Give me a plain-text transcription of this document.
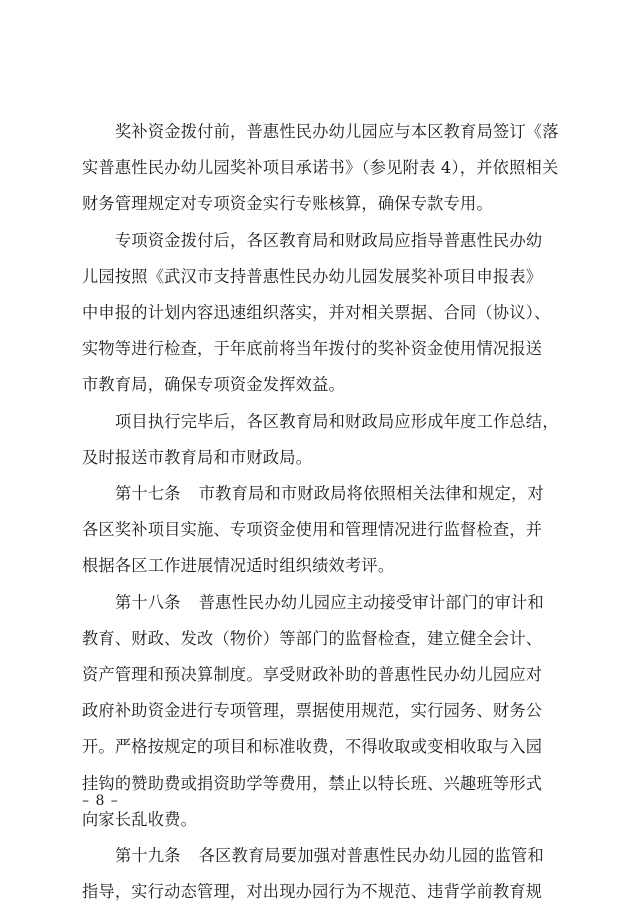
奖补资金拨付前，普惠性民办幼儿园应与本区教育局签订《落
实普惠性民办幼儿园奖补项目承诺书》（参见附表 4），并依照相关
财务管理规定对专项资金实行专账核算，确保专款专用。

专项资金拨付后，各区教育局和财政局应指导普惠性民办幼
儿园按照《武汉市支持普惠性民办幼儿园发展奖补项目申报表》
中申报的计划内容迅速组织落实，并对相关票据、合同（协议）、
实物等进行检查，于年底前将当年拨付的奖补资金使用情况报送
市教育局，确保专项资金发挥效益。

项目执行完毕后，各区教育局和财政局应形成年度工作总结，
及时报送市教育局和市财政局。

第十七条 市教育局和市财政局将依照相关法律和规定，对
各区奖补项目实施、专项资金使用和管理情况进行监督检查，并
根据各区工作进展情况适时组织绩效考评。

第十八条 普惠性民办幼儿园应主动接受审计部门的审计和
教育、财政、发改（物价）等部门的监督检查，建立健全会计、
资产管理和预决算制度。享受财政补助的普惠性民办幼儿园应对
政府补助资金进行专项管理，票据使用规范，实行园务、财务公
开。严格按规定的项目和标准收费，不得收取或变相收取与入园
挂钩的赞助费或捐资助学等费用，禁止以特长班、兴趣班等形式
向家长乱收费。

第十九条 各区教育局要加强对普惠性民办幼儿园的监管和
指导，实行动态管理，对出现办园行为不规范、违背学前教育规

– 8 –
